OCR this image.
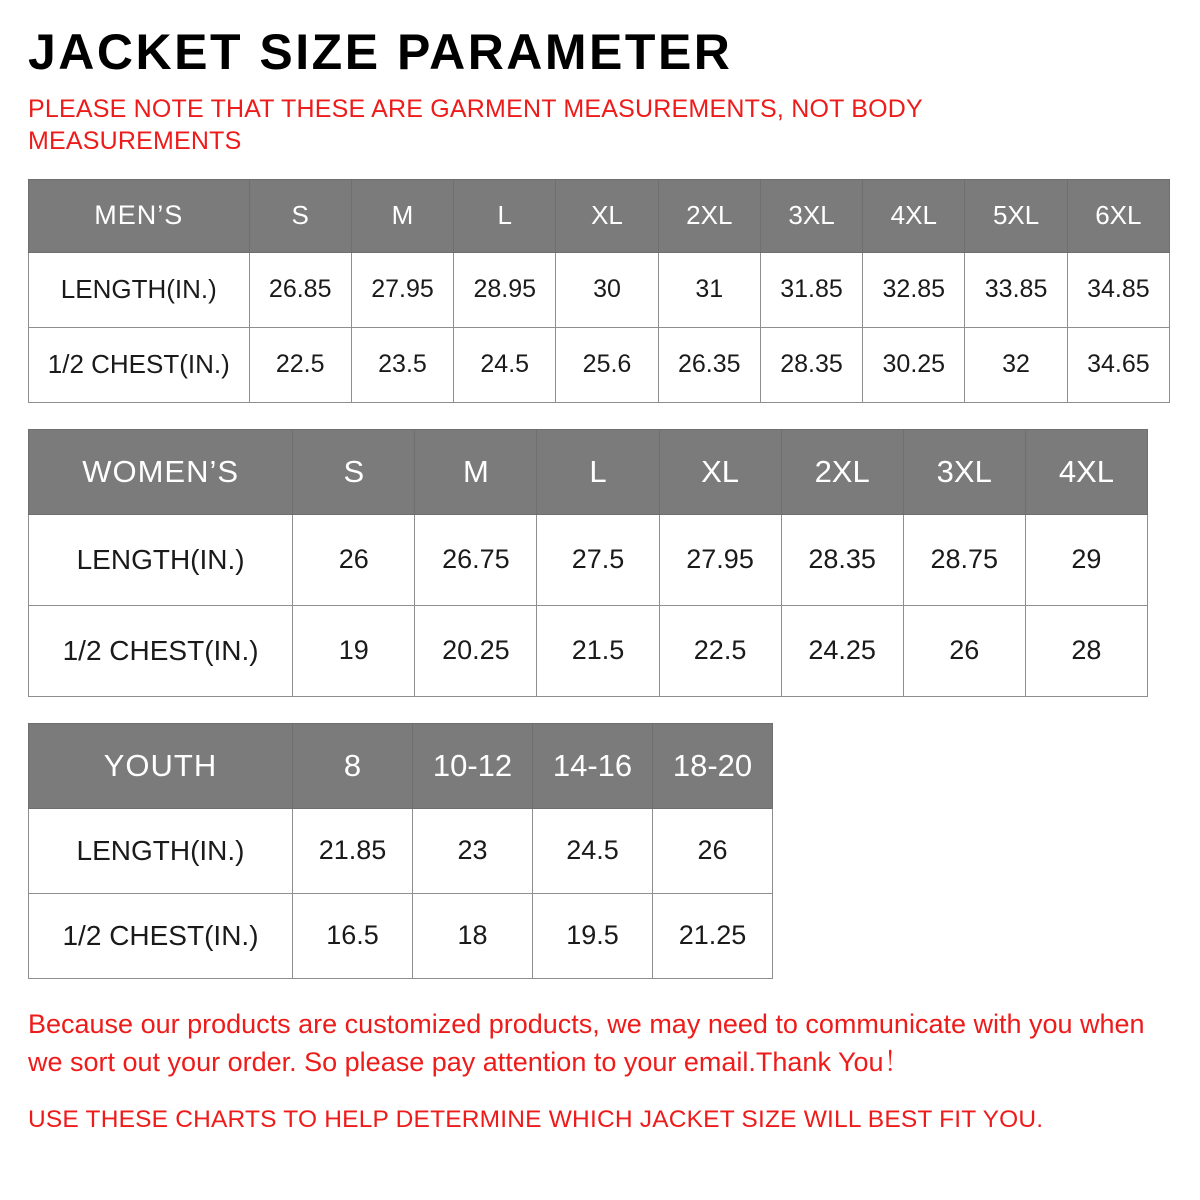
JACKET SIZE PARAMETER

PLEASE NOTE THAT THESE ARE GARMENT MEASUREMENTS, NOT BODY MEASUREMENTS

MEN’S	S	M	L	XL	2XL	3XL	4XL	5XL	6XL
LENGTH(IN.)	26.85	27.95	28.95	30	31	31.85	32.85	33.85	34.85
1/2 CHEST(IN.)	22.5	23.5	24.5	25.6	26.35	28.35	30.25	32	34.65
WOMEN’S	S	M	L	XL	2XL	3XL	4XL
LENGTH(IN.)	26	26.75	27.5	27.95	28.35	28.75	29
1/2 CHEST(IN.)	19	20.25	21.5	22.5	24.25	26	28
YOUTH	8	10-12	14-16	18-20
LENGTH(IN.)	21.85	23	24.5	26
1/2 CHEST(IN.)	16.5	18	19.5	21.25

Because our products are customized products, we may need to communicate with you when we sort out your order. So please pay attention to your email.Thank You！

USE THESE CHARTS TO HELP DETERMINE WHICH JACKET SIZE WILL BEST FIT YOU.
